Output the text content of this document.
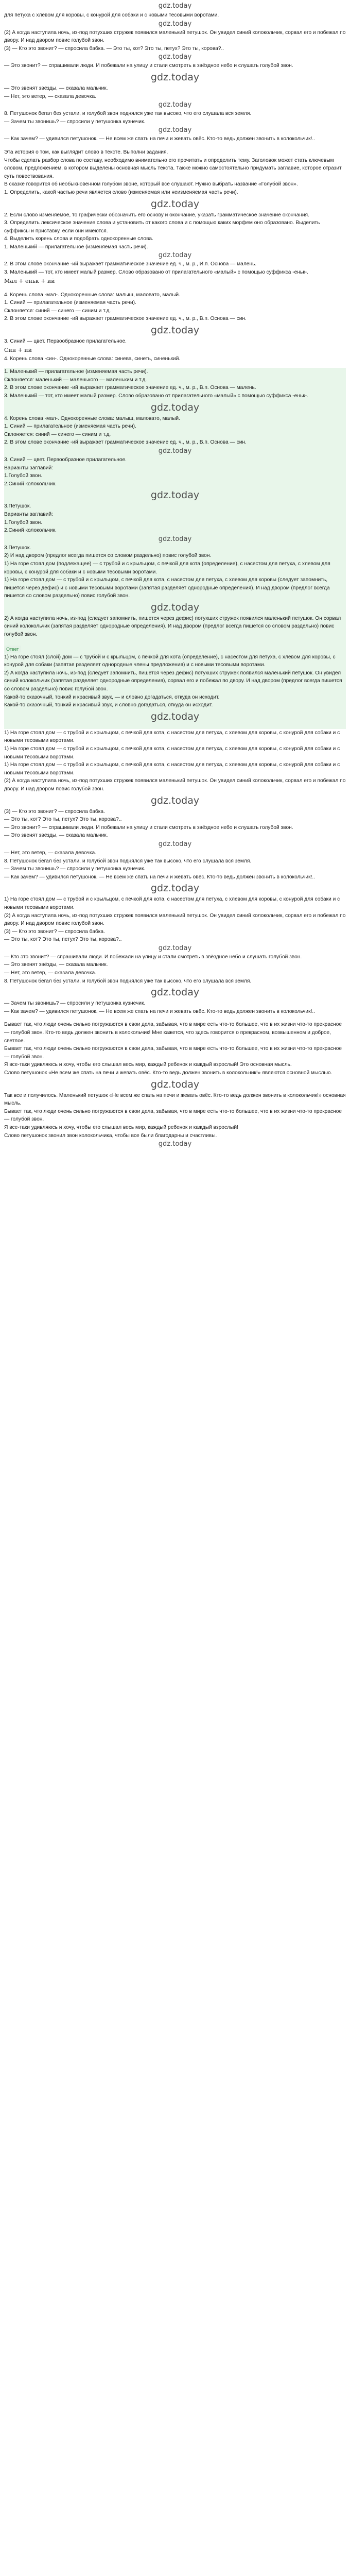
gdz.today

для петуха с хлевом для коровы, с конурой для собаки и с новыми тесовыми воротами.

gdz.today

(2) А когда наступила ночь, из-под потухших стружек появился маленький петушок. Он увидел синий колокольчик, сорвал его и побежал по двору. И над двором повис голубой звон.

(3) — Кто это звонит? — спросила бабка. — Это ты, кот? Это ты, петух? Это ты, корова?..

gdz.today

— Это звонит? — спрашивали люди. И побежали на улицу и стали смотреть в звёздное небо и слушать голубой звон.

gdz.today

— Это звенят звёзды, — сказала мальчик.

— Нет, это ветер, — сказала девочка.

gdz.today

8. Петушонок бегал без устали, и голубой звон поднялся уже так высоко, что его слушала вся земля.

— Зачем ты звонишь? — спросили у петушонка кузнечик.

gdz.today

— Как зачем? — удивился петушонок. — Не всем же спать на печи и жевать овёс. Кто-то ведь должен звонить в колокольчик!..

Эта история о том, как выглядит слово в тексте. Выполни задания.

Чтобы сделать разбор слова по составу, необходимо внимательно его прочитать и определить тему. Заголовок может стать ключевым словом, предложением, в котором выделены основная мысль текста. Также можно самостоятельно придумать заглавие, которое отразит суть повествования.

В сказке говорится об необыкновенном голубом звоне, который все слушают. Нужно выбрать название «Голубой звон».

1. Определить, какой частью речи является слово (изменяемая или неизменяемая часть речи).

gdz.today

2. Если слово изменяемое, то графически обозначить его основу и окончание, указать грамматическое значение окончания.

3. Определить лексическое значение слова и установить от какого слова и с помощью каких морфем оно образовано. Выделить суффиксы и приставку, если они имеются.

4. Выделить корень слова и подобрать однокоренные слова.

1. Маленький — прилагательное (изменяемая часть речи).

gdz.today

2. В этом слове окончание -ий выражает грамматическое значение ед. ч., м. р., И.п. Основа — малень.

3. Маленький — тот, кто имеет малый размер. Слово образовано от прилагательного «малый» с помощью суффикса -еньк-.

Мал + еньк + ий

4. Корень слова -мал-. Однокоренные слова: малыш, маловато, малый.

1. Синий — прилагательное (изменяемая часть речи).

Склоняется: синий — синего — синим и т.д.

2. В этом слове окончание -ий выражает грамматическое значение ед. ч., м. р., В.п. Основа — син.

gdz.today

3. Синий — цвет. Первообразное прилагательное.

Син + ий

4. Корень слова -син-. Однокоренные слова: синева, синеть, синенький.

1. Маленький — прилагательное (изменяемая часть речи).

Склоняется: маленький — маленького — маленьким и т.д.

2. В этом слове окончание -ий выражает грамматическое значение ед. ч., м. р., В.п. Основа — малень.

3. Маленький — тот, кто имеет малый размер. Слово образовано от прилагательного «малый» с помощью суффикса -еньк-.

gdz.today

4. Корень слова -мал-. Однокоренные слова: малыш, маловато, малый.

1. Синий — прилагательное (изменяемая часть речи).

Склоняется: синий — синего — синим и т.д.

2. В этом слове окончание -ий выражает грамматическое значение ед. ч., м. р., В.п. Основа — син.

gdz.today

3. Синий — цвет. Первообразное прилагательное.

Варианты заглавий:

1.Голубой звон.

2.Синий колокольчик.

gdz.today

3.Петушок.

Варианты заглавий:

1.Голубой звон.

2.Синий колокольчик.

gdz.today

3.Петушок.

2) И над двором (предлог всегда пишется со словом раздельно) повис голубой звон.

1) На горе стоял дом (подлежащее) — с трубой и с крыльцом, с печкой для кота (определение), с насестом для петуха, с хлевом для коровы, с конурой для собаки и с новыми тесовыми воротами.

1) На горе стоял дом — с трубой и с крыльцом, с печкой для кота, с насестом для петуха, с хлевом для коровы (следует запомнить, пишется через дефис) и с новыми тесовыми воротами (запятая разделяет однородные определения). И над двором (предлог всегда пишется со словом раздельно) повис голубой звон.

gdz.today

2) А когда наступила ночь, из-под (следует запомнить, пишется через дефис) потухших стружек появился маленький петушок. Он сорвал синий колокольчик (запятая разделяет однородные определения). И над двором (предлог всегда пишется со словом раздельно) повис голубой звон.

Ответ

1) На горе стоял (слой) дом — с трубой и с крыльцом, с печкой для кота (определение), с насестом для петуха, с хлевом для коровы, с конурой для собаки (запятая разделяет однородные члены предложения) и с новыми тесовыми воротами.

2) А когда наступила ночь, из-под (следует запомнить, пишется через дефис) потухших стружек появился маленький петушок. Он увидел синий колокольчик (запятая разделяет однородные определения), сорвал его и побежал по двору. И над двором (предлог всегда пишется со словом раздельно) повис голубой звон.

Какой-то сказочный, тонкий и красивый звук, — и словно догадаться, откуда он исходит.

Какой-то сказочный, тонкий и красивый звук, и словно догадаться, откуда он исходит.

gdz.today

1) На горе стоял дом — с трубой и с крыльцом, с печкой для кота, с насестом для петуха, с хлевом для коровы, с конурой для собаки и с новыми тесовыми воротами.

1) На горе стоял дом — с трубой и с крыльцом, с печкой для кота, с насестом для петуха, с хлевом для коровы, с конурой для собаки и с новыми тесовыми воротами.

1) На горе стоял дом — с трубой и с крыльцом, с печкой для кота, с насестом для петуха, с хлевом для коровы, с конурой для собаки и с новыми тесовыми воротами.

(2) А когда наступила ночь, из-под потухших стружек появился маленький петушок. Он увидел синий колокольчик, сорвал его и побежал по двору. И над двором повис голубой звон.

gdz.today

(3) — Кто это звонит? — спросила бабка.

— Это ты, кот? Это ты, петух? Это ты, корова?..

— Это звонит? — спрашивали люди. И побежали на улицу и стали смотреть в звёздное небо и слушать голубой звон.

— Это звенят звёзды, — сказала мальчик.

gdz.today

— Нет, это ветер, — сказала девочка.

8. Петушонок бегал без устали, и голубой звон поднялся уже так высоко, что его слушала вся земля.

— Зачем ты звонишь? — спросили у петушонка кузнечик.

— Как зачем? — удивился петушонок. — Не всем же спать на печи и жевать овёс. Кто-то ведь должен звонить в колокольчик!..

gdz.today

1) На горе стоял дом — с трубой и с крыльцом, с печкой для кота, с насестом для петуха, с хлевом для коровы, с конурой для собаки и с новыми тесовыми воротами.

(2) А когда наступила ночь, из-под потухших стружек появился маленький петушок. Он увидел синий колокольчик, сорвал его и побежал по двору. И над двором повис голубой звон.

(3) — Кто это звонит? — спросила бабка.

— Это ты, кот? Это ты, петух? Это ты, корова?..

gdz.today

— Кто это звонит? — спрашивали люди. И побежали на улицу и стали смотреть в звёздное небо и слушать голубой звон.

— Это звенят звёзды, — сказала мальчик.

— Нет, это ветер, — сказала девочка.

8. Петушонок бегал без устали, и голубой звон поднялся уже так высоко, что его слушала вся земля.

gdz.today

— Зачем ты звонишь? — спросили у петушонка кузнечик.

— Как зачем? — удивился петушонок. — Не всем же спать на печи и жевать овёс. Кто-то ведь должен звонить в колокольчик!..

Бывает так, что люди очень сильно погружаются в свои дела, забывая, что в мире есть что-то большее, что в их жизни что-то прекрасное — голубой звон. Кто-то ведь должен звонить в колокольчик! Мне кажется, что здесь говорится о прекрасном, возвышенном и доброе, светлое.

Бывает так, что люди очень сильно погружаются в свои дела, забывая, что в мире есть что-то большее, что в их жизни что-то прекрасное — голубой звон.

Я все-таки удивляюсь и хочу, чтобы его слышал весь мир, каждый ребенок и каждый взрослый! Это основная мысль.

Слово петушонок «Не всем же спать на печи и жевать овёс. Кто-то ведь должен звонить в колокольчик!» являются основной мыслью.

gdz.today

Так все и получилось. Маленький петушок «Не всем же спать на печи и жевать овёс. Кто-то ведь должен звонить в колокольчик!» основная мысль.

Бывает так, что люди очень сильно погружаются в свои дела, забывая, что в мире есть что-то большее, что в их жизни что-то прекрасное — голубой звон.

Я все-таки удивляюсь и хочу, чтобы его слышал весь мир, каждый ребенок и каждый взрослый!

Слово петушонок звонил звон колокольчика, чтобы все были благодарны и счастливы.

gdz.today
